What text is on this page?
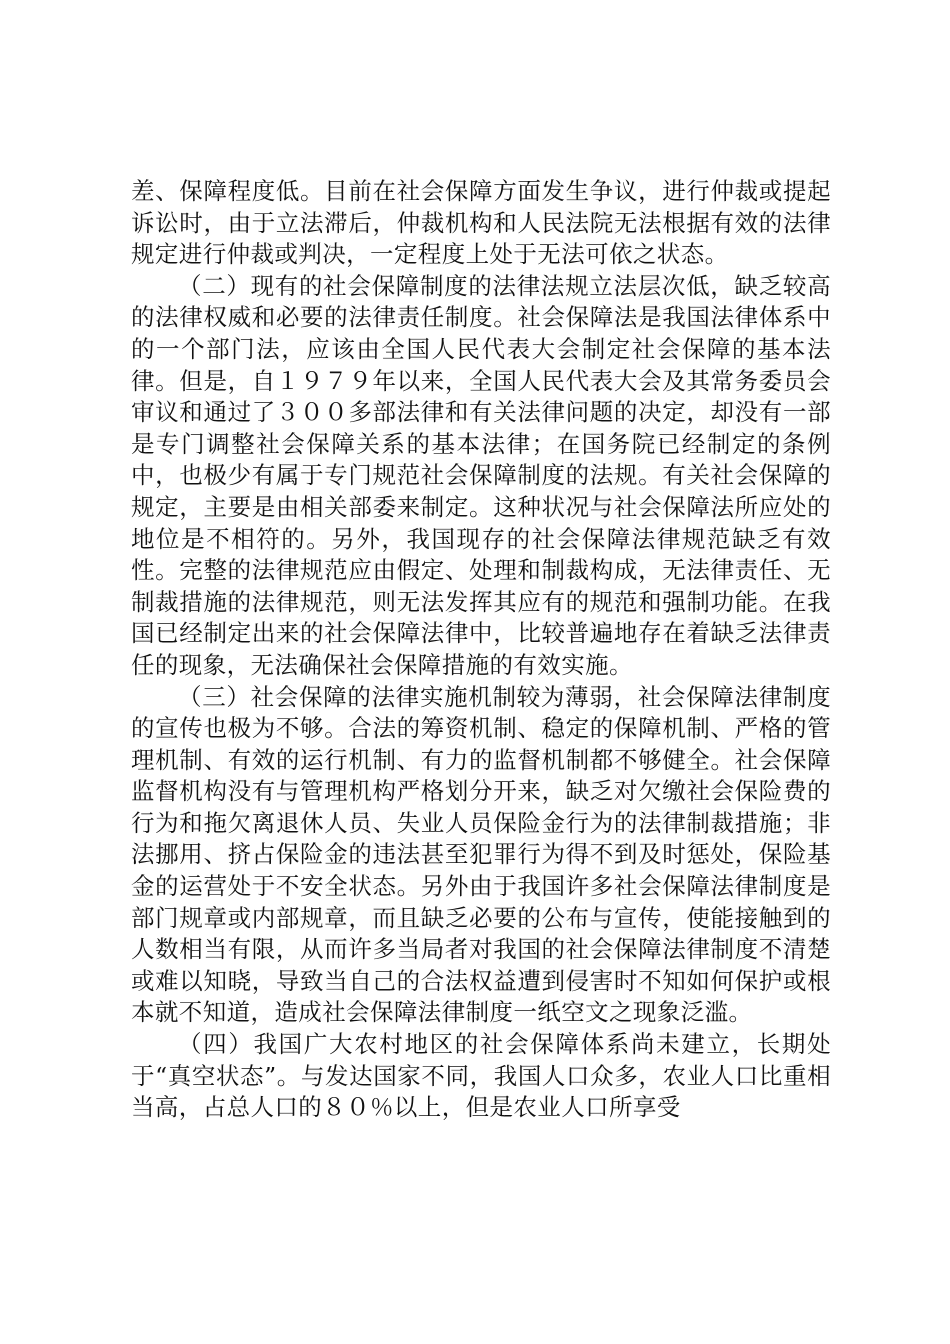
差、保障程度低。目前在社会保障方面发生争议，进行仲裁或提起诉讼时，由于立法滞后，仲裁机构和人民法院无法根据有效的法律规定进行仲裁或判决，一定程度上处于无法可依之状态。

（二）现有的社会保障制度的法律法规立法层次低，缺乏较高的法律权威和必要的法律责任制度。社会保障法是我国法律体系中的一个部门法，应该由全国人民代表大会制定社会保障的基本法律。但是，自１９７９年以来，全国人民代表大会及其常务委员会审议和通过了３００多部法律和有关法律问题的决定，却没有一部是专门调整社会保障关系的基本法律；在国务院已经制定的条例中，也极少有属于专门规范社会保障制度的法规。有关社会保障的规定，主要是由相关部委来制定。这种状况与社会保障法所应处的地位是不相符的。另外，我国现存的社会保障法律规范缺乏有效性。完整的法律规范应由假定、处理和制裁构成，无法律责任、无制裁措施的法律规范，则无法发挥其应有的规范和强制功能。在我国已经制定出来的社会保障法律中，比较普遍地存在着缺乏法律责任的现象，无法确保社会保障措施的有效实施。

（三）社会保障的法律实施机制较为薄弱，社会保障法律制度的宣传也极为不够。合法的筹资机制、稳定的保障机制、严格的管理机制、有效的运行机制、有力的监督机制都不够健全。社会保障监督机构没有与管理机构严格划分开来，缺乏对欠缴社会保险费的行为和拖欠离退休人员、失业人员保险金行为的法律制裁措施；非法挪用、挤占保险金的违法甚至犯罪行为得不到及时惩处，保险基金的运营处于不安全状态。另外由于我国许多社会保障法律制度是部门规章或内部规章，而且缺乏必要的公布与宣传，使能接触到的人数相当有限，从而许多当局者对我国的社会保障法律制度不清楚或难以知晓，导致当自己的合法权益遭到侵害时不知如何保护或根本就不知道，造成社会保障法律制度一纸空文之现象泛滥。

（四）我国广大农村地区的社会保障体系尚未建立，长期处于“真空状态”。与发达国家不同，我国人口众多，农业人口比重相当高，占总人口的８０％以上，但是农业人口所享受
